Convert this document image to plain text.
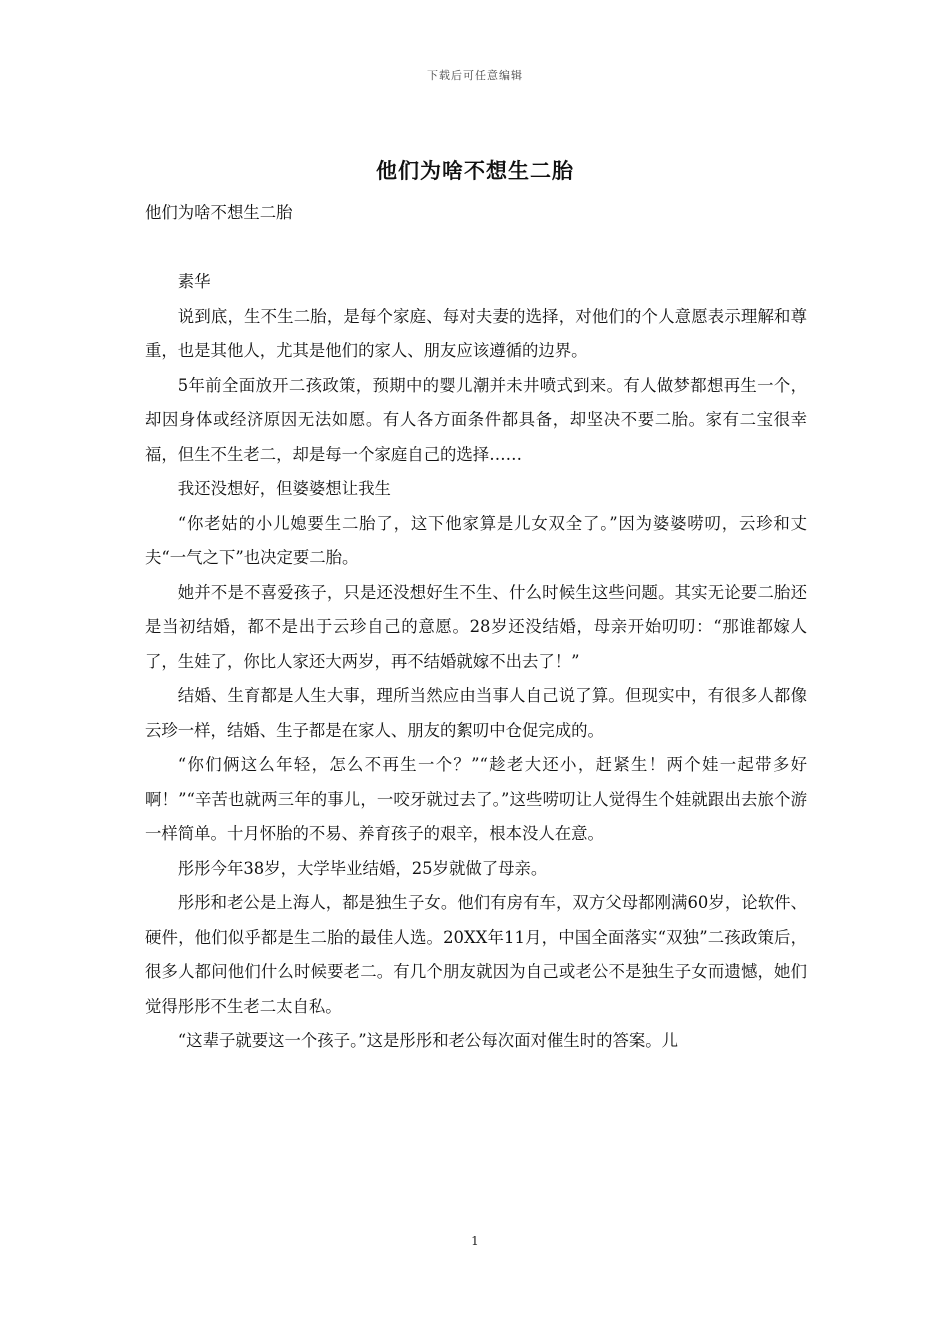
下载后可任意编辑
他们为啥不想生二胎

他们为啥不想生二胎

素华

说到底，生不生二胎，是每个家庭、每对夫妻的选择，对他们的个人意愿表示理解和尊重，也是其他人，尤其是他们的家人、朋友应该遵循的边界。

5年前全面放开二孩政策，预期中的婴儿潮并未井喷式到来。有人做梦都想再生一个，却因身体或经济原因无法如愿。有人各方面条件都具备，却坚决不要二胎。家有二宝很幸福，但生不生老二，却是每一个家庭自己的选择……

我还没想好，但婆婆想让我生

“你老姑的小儿媳要生二胎了，这下他家算是儿女双全了。”因为婆婆唠叨，云珍和丈夫“一气之下”也决定要二胎。

她并不是不喜爱孩子，只是还没想好生不生、什么时候生这些问题。其实无论要二胎还是当初结婚，都不是出于云珍自己的意愿。28岁还没结婚，母亲开始叨叨：“那谁都嫁人了，生娃了，你比人家还大两岁，再不结婚就嫁不出去了！”

结婚、生育都是人生大事，理所当然应由当事人自己说了算。但现实中，有很多人都像云珍一样，结婚、生子都是在家人、朋友的絮叨中仓促完成的。

“你们俩这么年轻，怎么不再生一个？”“趁老大还小，赶紧生！两个娃一起带多好啊！”“辛苦也就两三年的事儿，一咬牙就过去了。”这些唠叨让人觉得生个娃就跟出去旅个游一样简单。十月怀胎的不易、养育孩子的艰辛，根本没人在意。

彤彤今年38岁，大学毕业结婚，25岁就做了母亲。

彤彤和老公是上海人，都是独生子女。他们有房有车，双方父母都刚满60岁，论软件、硬件，他们似乎都是生二胎的最佳人选。20XX年11月，中国全面落实“双独”二孩政策后，很多人都问他们什么时候要老二。有几个朋友就因为自己或老公不是独生子女而遗憾，她们觉得彤彤不生老二太自私。

“这辈子就要这一个孩子。”这是彤彤和老公每次面对催生时的答案。儿

1
